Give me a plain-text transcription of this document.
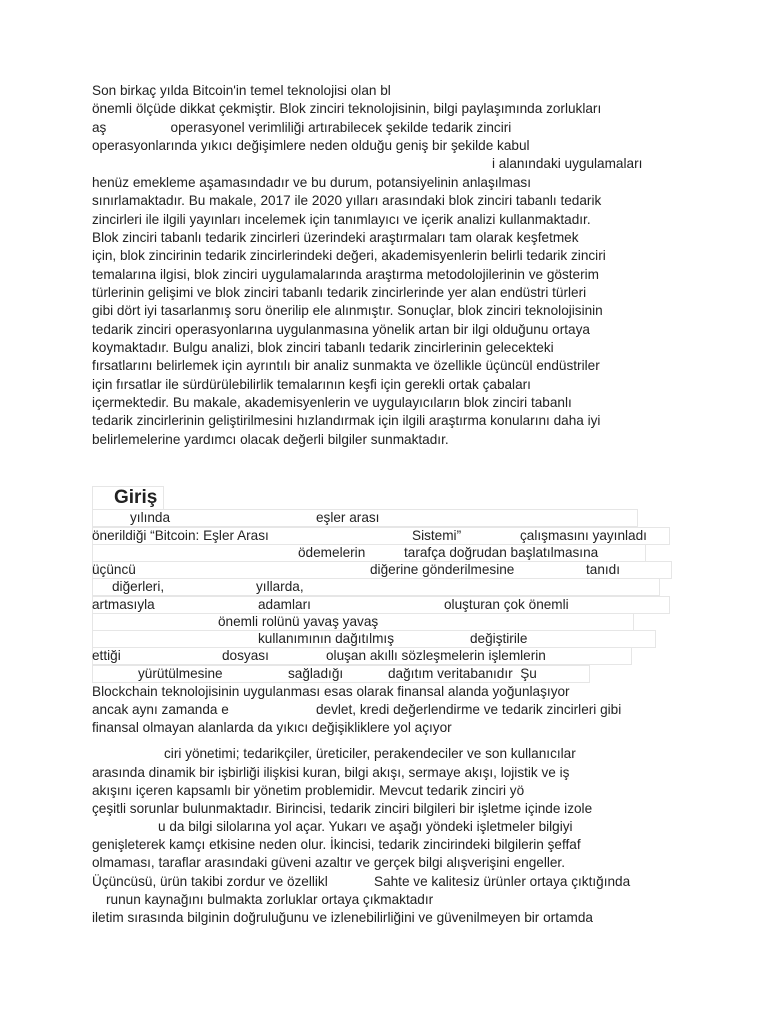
Son birkaç yılda Bitcoin'in temel teknolojisi olan bl
önemli ölçüde dikkat çekmiştir. Blok zinciri teknolojisinin, bilgi paylaşımında zorlukları
aş                 operasyonel verimliliği artırabilecek şekilde tedarik zinciri
operasyonlarında yıkıcı değişimlere neden olduğu geniş bir şekilde kabul
i alanındaki uygulamaları
henüz emekleme aşamasındadır ve bu durum, potansiyelinin anlaşılması
sınırlamaktadır. Bu makale, 2017 ile 2020 yılları arasındaki blok zinciri tabanlı tedarik
zincirleri ile ilgili yayınları incelemek için tanımlayıcı ve içerik analizi kullanmaktadır.
Blok zinciri tabanlı tedarik zincirleri üzerindeki araştırmaları tam olarak keşfetmek
için, blok zincirinin tedarik zincirlerindeki değeri, akademisyenlerin belirli tedarik zinciri
temalarına ilgisi, blok zinciri uygulamalarında araştırma metodolojilerinin ve gösterim
türlerinin gelişimi ve blok zinciri tabanlı tedarik zincirlerinde yer alan endüstri türleri
gibi dört iyi tasarlanmış soru önerilip ele alınmıştır. Sonuçlar, blok zinciri teknolojisinin
tedarik zinciri operasyonlarına uygulanmasına yönelik artan bir ilgi olduğunu ortaya
koymaktadır. Bulgu analizi, blok zinciri tabanlı tedarik zincirlerinin gelecekteki
fırsatlarını belirlemek için ayrıntılı bir analiz sunmakta ve özellikle üçüncül endüstriler
için fırsatlar ile sürdürülebilirlik temalarının keşfi için gerekli ortak çabaları
içermektedir. Bu makale, akademisyenlerin ve uygulayıcıların blok zinciri tabanlı
tedarik zincirlerinin geliştirilmesini hızlandırmak için ilgili araştırma konularını daha iyi
belirlemelerine yardımcı olacak değerli bilgiler sunmaktadır.
Giriş
yılında	eşler arası
önerildiği “Bitcoin: Eşler Arası	Sistemi”	çalışmasını yayınladı
ödemelerin	tarafça doğrudan başlatılmasına
üçüncü	diğerine gönderilmesine	tanıdı
diğerleri,	yıllarda,
artmasıyla	adamları	oluşturan çok önemli
önemli rolünü yavaş yavaş
kullanımının dağıtılmış	değiştirile
ettiği	dosyası	oluşan akıllı sözleşmelerin işlemlerin
yürütülmesine	sağladığı	dağıtım veritabanıdır  Şu
Blockchain teknolojisinin uygulanması esas olarak finansal alanda yoğunlaşıyor
ancak aynı zamanda e	devlet, kredi değerlendirme ve tedarik zincirleri gibi
finansal olmayan alanlarda da yıkıcı değişikliklere yol açıyor
ciri yönetimi; tedarikçiler, üreticiler, perakendeciler ve son kullanıcılar
arasında dinamik bir işbirliği ilişkisi kuran, bilgi akışı, sermaye akışı, lojistik ve iş
akışını içeren kapsamlı bir yönetim problemidir. Mevcut tedarik zinciri yö
çeşitli sorunlar bulunmaktadır. Birincisi, tedarik zinciri bilgileri bir işletme içinde izole
u da bilgi silolarına yol açar. Yukarı ve aşağı yöndeki işletmeler bilgiyi
genişleterek kamçı etkisine neden olur. İkincisi, tedarik zincirindeki bilgilerin şeffaf
olmaması, taraflar arasındaki güveni azaltır ve gerçek bilgi alışverişini engeller.
Üçüncüsü, ürün takibi zordur ve özellikl	Sahte ve kalitesiz ürünler ortaya çıktığında
runun kaynağını bulmakta zorluklar ortaya çıkmaktadır
iletim sırasında bilginin doğruluğunu ve izlenebilirliğini ve güvenilmeyen bir ortamda
